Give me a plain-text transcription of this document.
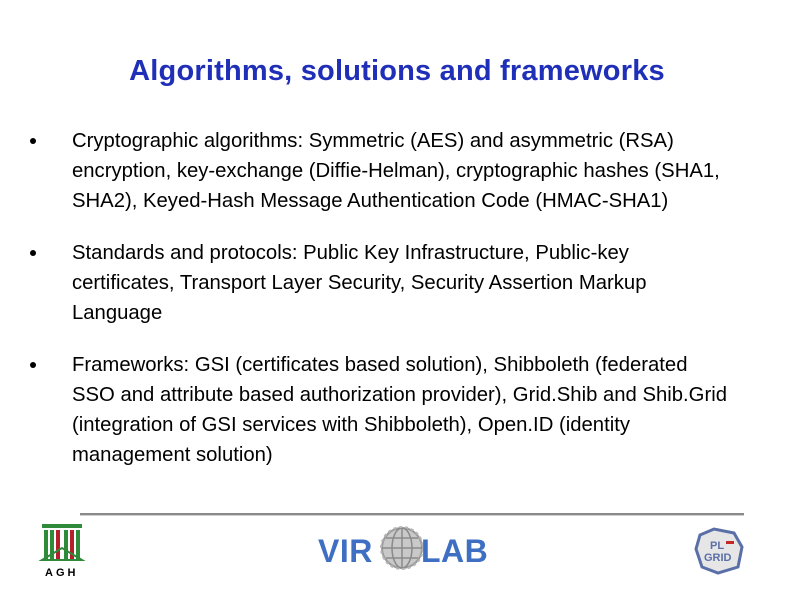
Algorithms, solutions and frameworks
Cryptographic algorithms: Symmetric (AES) and asymmetric (RSA) encryption, key-exchange (Diffie-Helman), cryptographic hashes (SHA1, SHA2), Keyed-Hash Message Authentication Code (HMAC-SHA1)
Standards and protocols: Public Key Infrastructure, Public-key certificates, Transport Layer Security, Security Assertion Markup Language
Frameworks: GSI (certificates based solution), Shibboleth (federated SSO and attribute based authorization provider), Grid.Shib and Shib.Grid (integration of GSI services with Shibboleth), Open.ID (identity management solution)
AGH
VIR LAB	PL
GRID
